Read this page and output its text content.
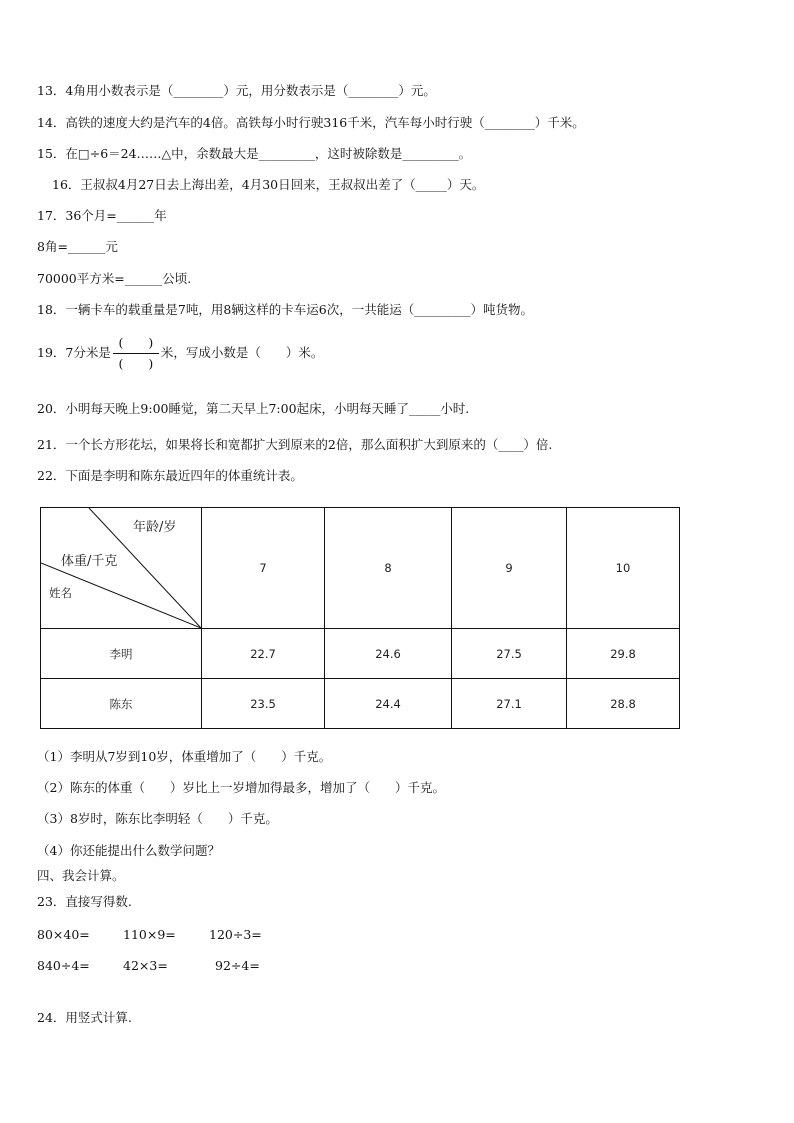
13．4角用小数表示是（________）元，用分数表示是（________）元。
14．高铁的速度大约是汽车的4倍。高铁每小时行驶316千米，汽车每小时行驶（________）千米。
15．在□÷6＝24……△中，余数最大是_________，这时被除数是_________。
16．王叔叔4月27日去上海出差，4月30日回来，王叔叔出差了（_____）天。
17．36个月=______年
8角=______元
70000平方米=______公顷.
18．一辆卡车的载重量是7吨，用8辆这样的卡车运6次，一共能运（_________）吨货物。
19．7分米是 $\frac{( )}{( )}$ 米，写成小数是（　　）米。
20．小明每天晚上9:00睡觉，第二天早上7:00起床，小明每天睡了_____小时.
21．一个长方形花坛，如果将长和宽都扩大到原来的2倍，那么面积扩大到原来的（____）倍.
22．下面是李明和陈东最近四年的体重统计表。
年龄/岁
体重/千克
姓名	7	8	9	10
李明	22.7	24.6	27.5	29.8
陈东	23.5	24.4	27.1	28.8
（1）李明从7岁到10岁，体重增加了（　　）千克。
（2）陈东的体重（　　）岁比上一岁增加得最多，增加了（　　）千克。
（3）8岁时，陈东比李明轻（　　）千克。
（4）你还能提出什么数学问题？
四、我会计算。
23．直接写得数.
80×40=	110×9=	120÷3=
840÷4=	42×3=	92÷4=
24．用竖式计算.
